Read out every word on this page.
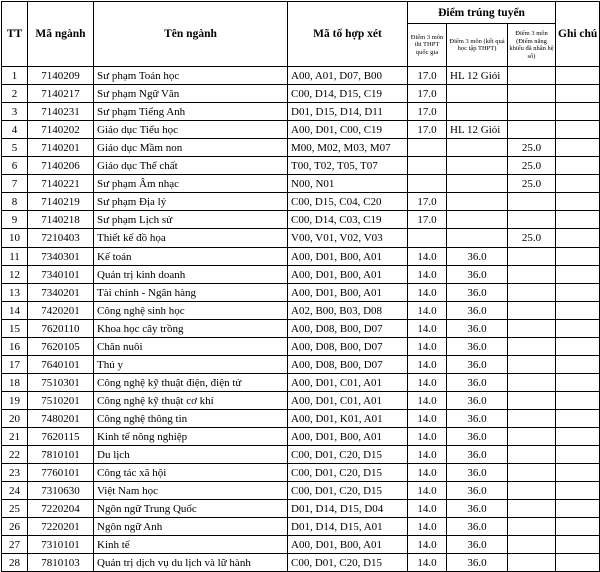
TT	Mã ngành	Tên ngành	Mã tổ hợp xét	Điểm trúng tuyển			Ghi chú
				Điểm 3 môn thi THPT quốc gia	Điểm 3 môn (kết quả học tập THPT)	Điểm 3 môn (Điểm năng khiếu đã nhân hệ số)	
1	7140209	Sư phạm Toán học	A00, A01, D07, B00	17.0	HL 12 Giỏi		
2	7140217	Sư phạm Ngữ Văn	C00, D14, D15, C19	17.0			
3	7140231	Sư phạm Tiếng Anh	D01, D15, D14, D11	17.0			
4	7140202	Giáo dục Tiểu học	A00, D01, C00, C19	17.0	HL 12 Giỏi		
5	7140201	Giáo dục Mầm non	M00, M02, M03, M07			25.0	
6	7140206	Giáo dục Thể chất	T00, T02, T05, T07			25.0	
7	7140221	Sư phạm Âm nhạc	N00, N01			25.0	
8	7140219	Sư phạm Địa lý	C00, D15, C04, C20	17.0			
9	7140218	Sư phạm Lịch sử	C00, D14, C03, C19	17.0			
10	7210403	Thiết kế đồ họa	V00, V01, V02, V03			25.0	
11	7340301	Kế toán	A00, D01, B00, A01	14.0	36.0		
12	7340101	Quản trị kinh doanh	A00, D01, B00, A01	14.0	36.0		
13	7340201	Tài chính - Ngân hàng	A00, D01, B00, A01	14.0	36.0		
14	7420201	Công nghệ sinh học	A02, B00, B03, D08	14.0	36.0		
15	7620110	Khoa học cây trồng	A00, D08, B00, D07	14.0	36.0		
16	7620105	Chăn nuôi	A00, D08, B00, D07	14.0	36.0		
17	7640101	Thú y	A00, D08, B00, D07	14.0	36.0		
18	7510301	Công nghệ kỹ thuật điện, điện tử	A00, D01, C01, A01	14.0	36.0		
19	7510201	Công nghệ kỹ thuật cơ khí	A00, D01, C01, A01	14.0	36.0		
20	7480201	Công nghệ thông tin	A00, D01, K01, A01	14.0	36.0		
21	7620115	Kinh tế nông nghiệp	A00, D01, B00, A01	14.0	36.0		
22	7810101	Du lịch	C00, D01, C20, D15	14.0	36.0		
23	7760101	Công tác xã hội	C00, D01, C20, D15	14.0	36.0		
24	7310630	Việt Nam học	C00, D01, C20, D15	14.0	36.0		
25	7220204	Ngôn ngữ Trung Quốc	D01, D14, D15, D04	14.0	36.0		
26	7220201	Ngôn ngữ Anh	D01, D14, D15, A01	14.0	36.0		
27	7310101	Kinh tế	A00, D01, B00, A01	14.0	36.0		
28	7810103	Quản trị dịch vụ du lịch và lữ hành	C00, D01, C20, D15	14.0	36.0		
